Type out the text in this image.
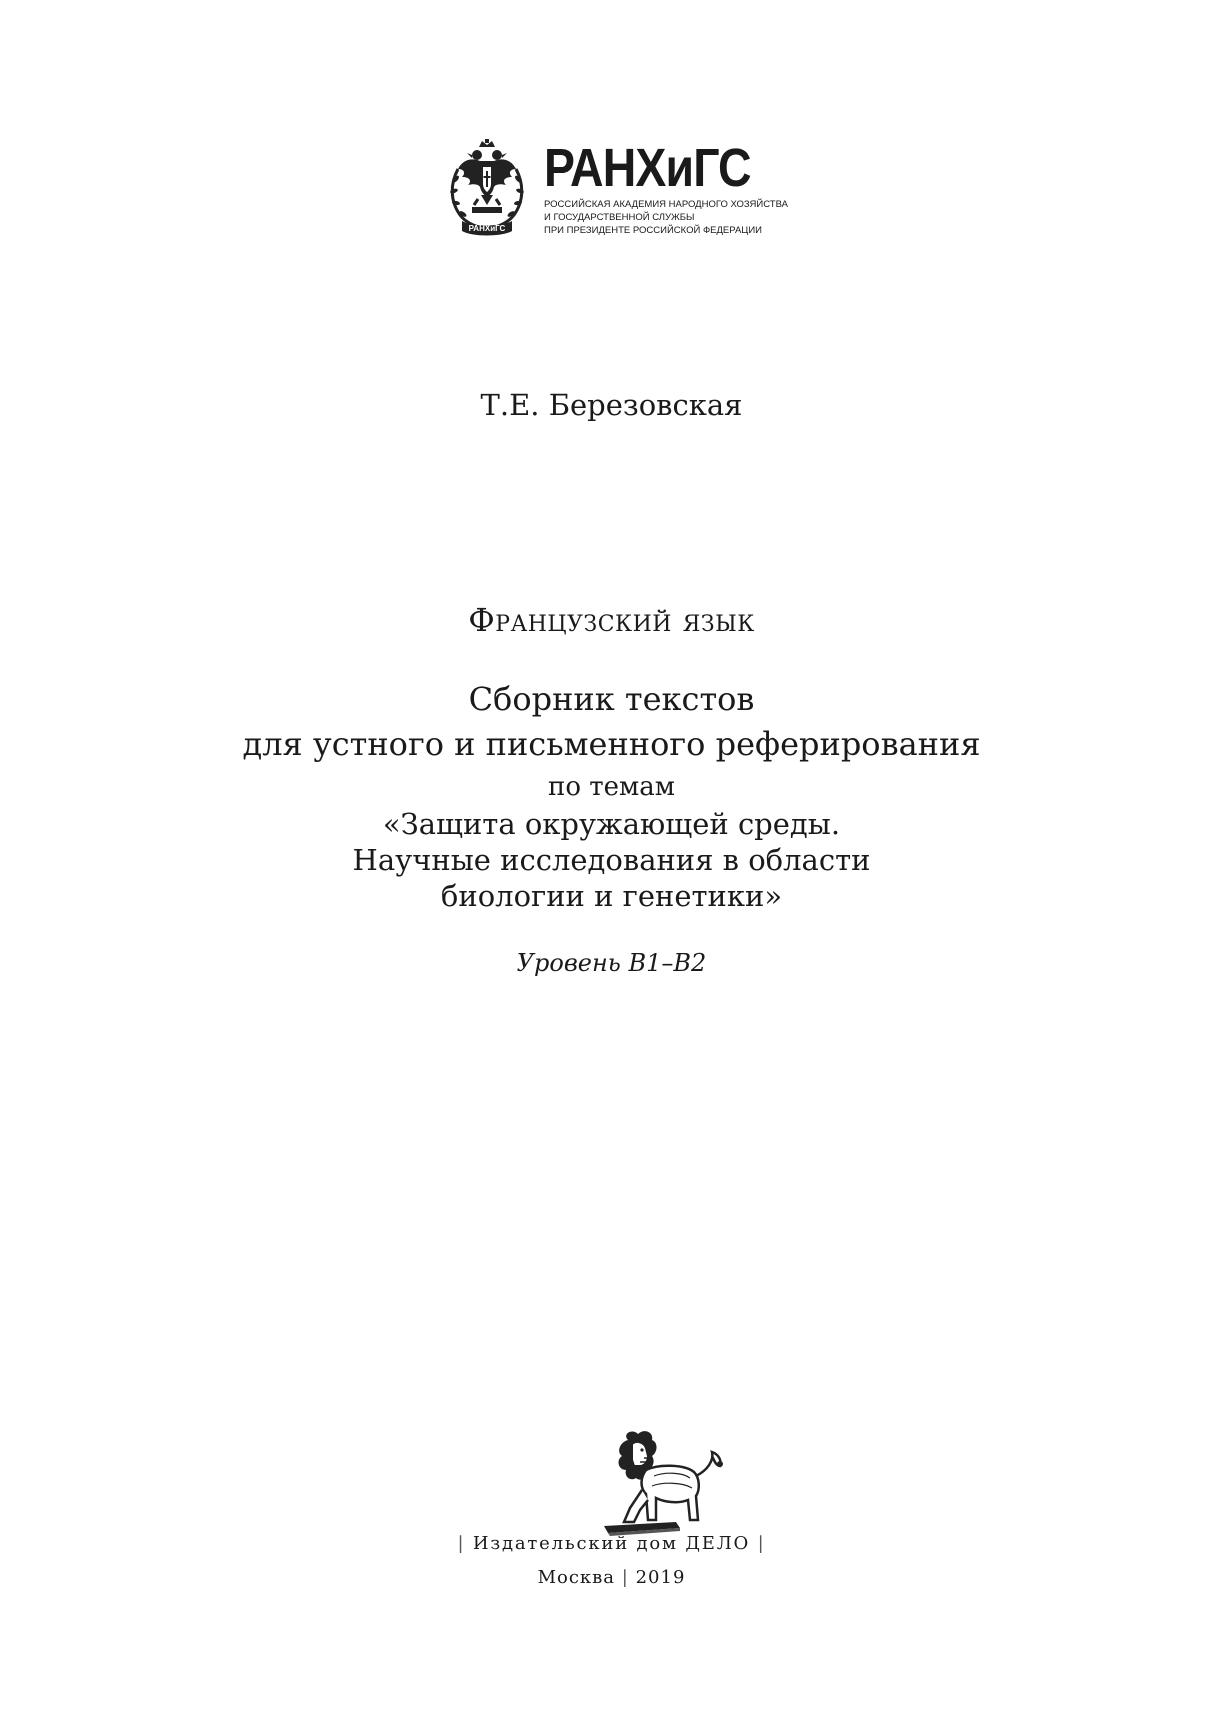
РАНХиГС
РАНХиГС
РОССИЙСКАЯ АКАДЕМИЯ НАРОДНОГО ХОЗЯЙСТВА
И ГОСУДАРСТВЕННОЙ СЛУЖБЫ
ПРИ ПРЕЗИДЕНТЕ РОССИЙСКОЙ ФЕДЕРАЦИИ
Т.Е. Березовская
Французский язык
Сборник текстов
для устного и письменного реферирования
по темам
«Защита окружающей среды.
Научные исследования в области
биологии и генетики»
Уровень B1–B2
| Издательский дом ДЕЛО |
Москва | 2019
